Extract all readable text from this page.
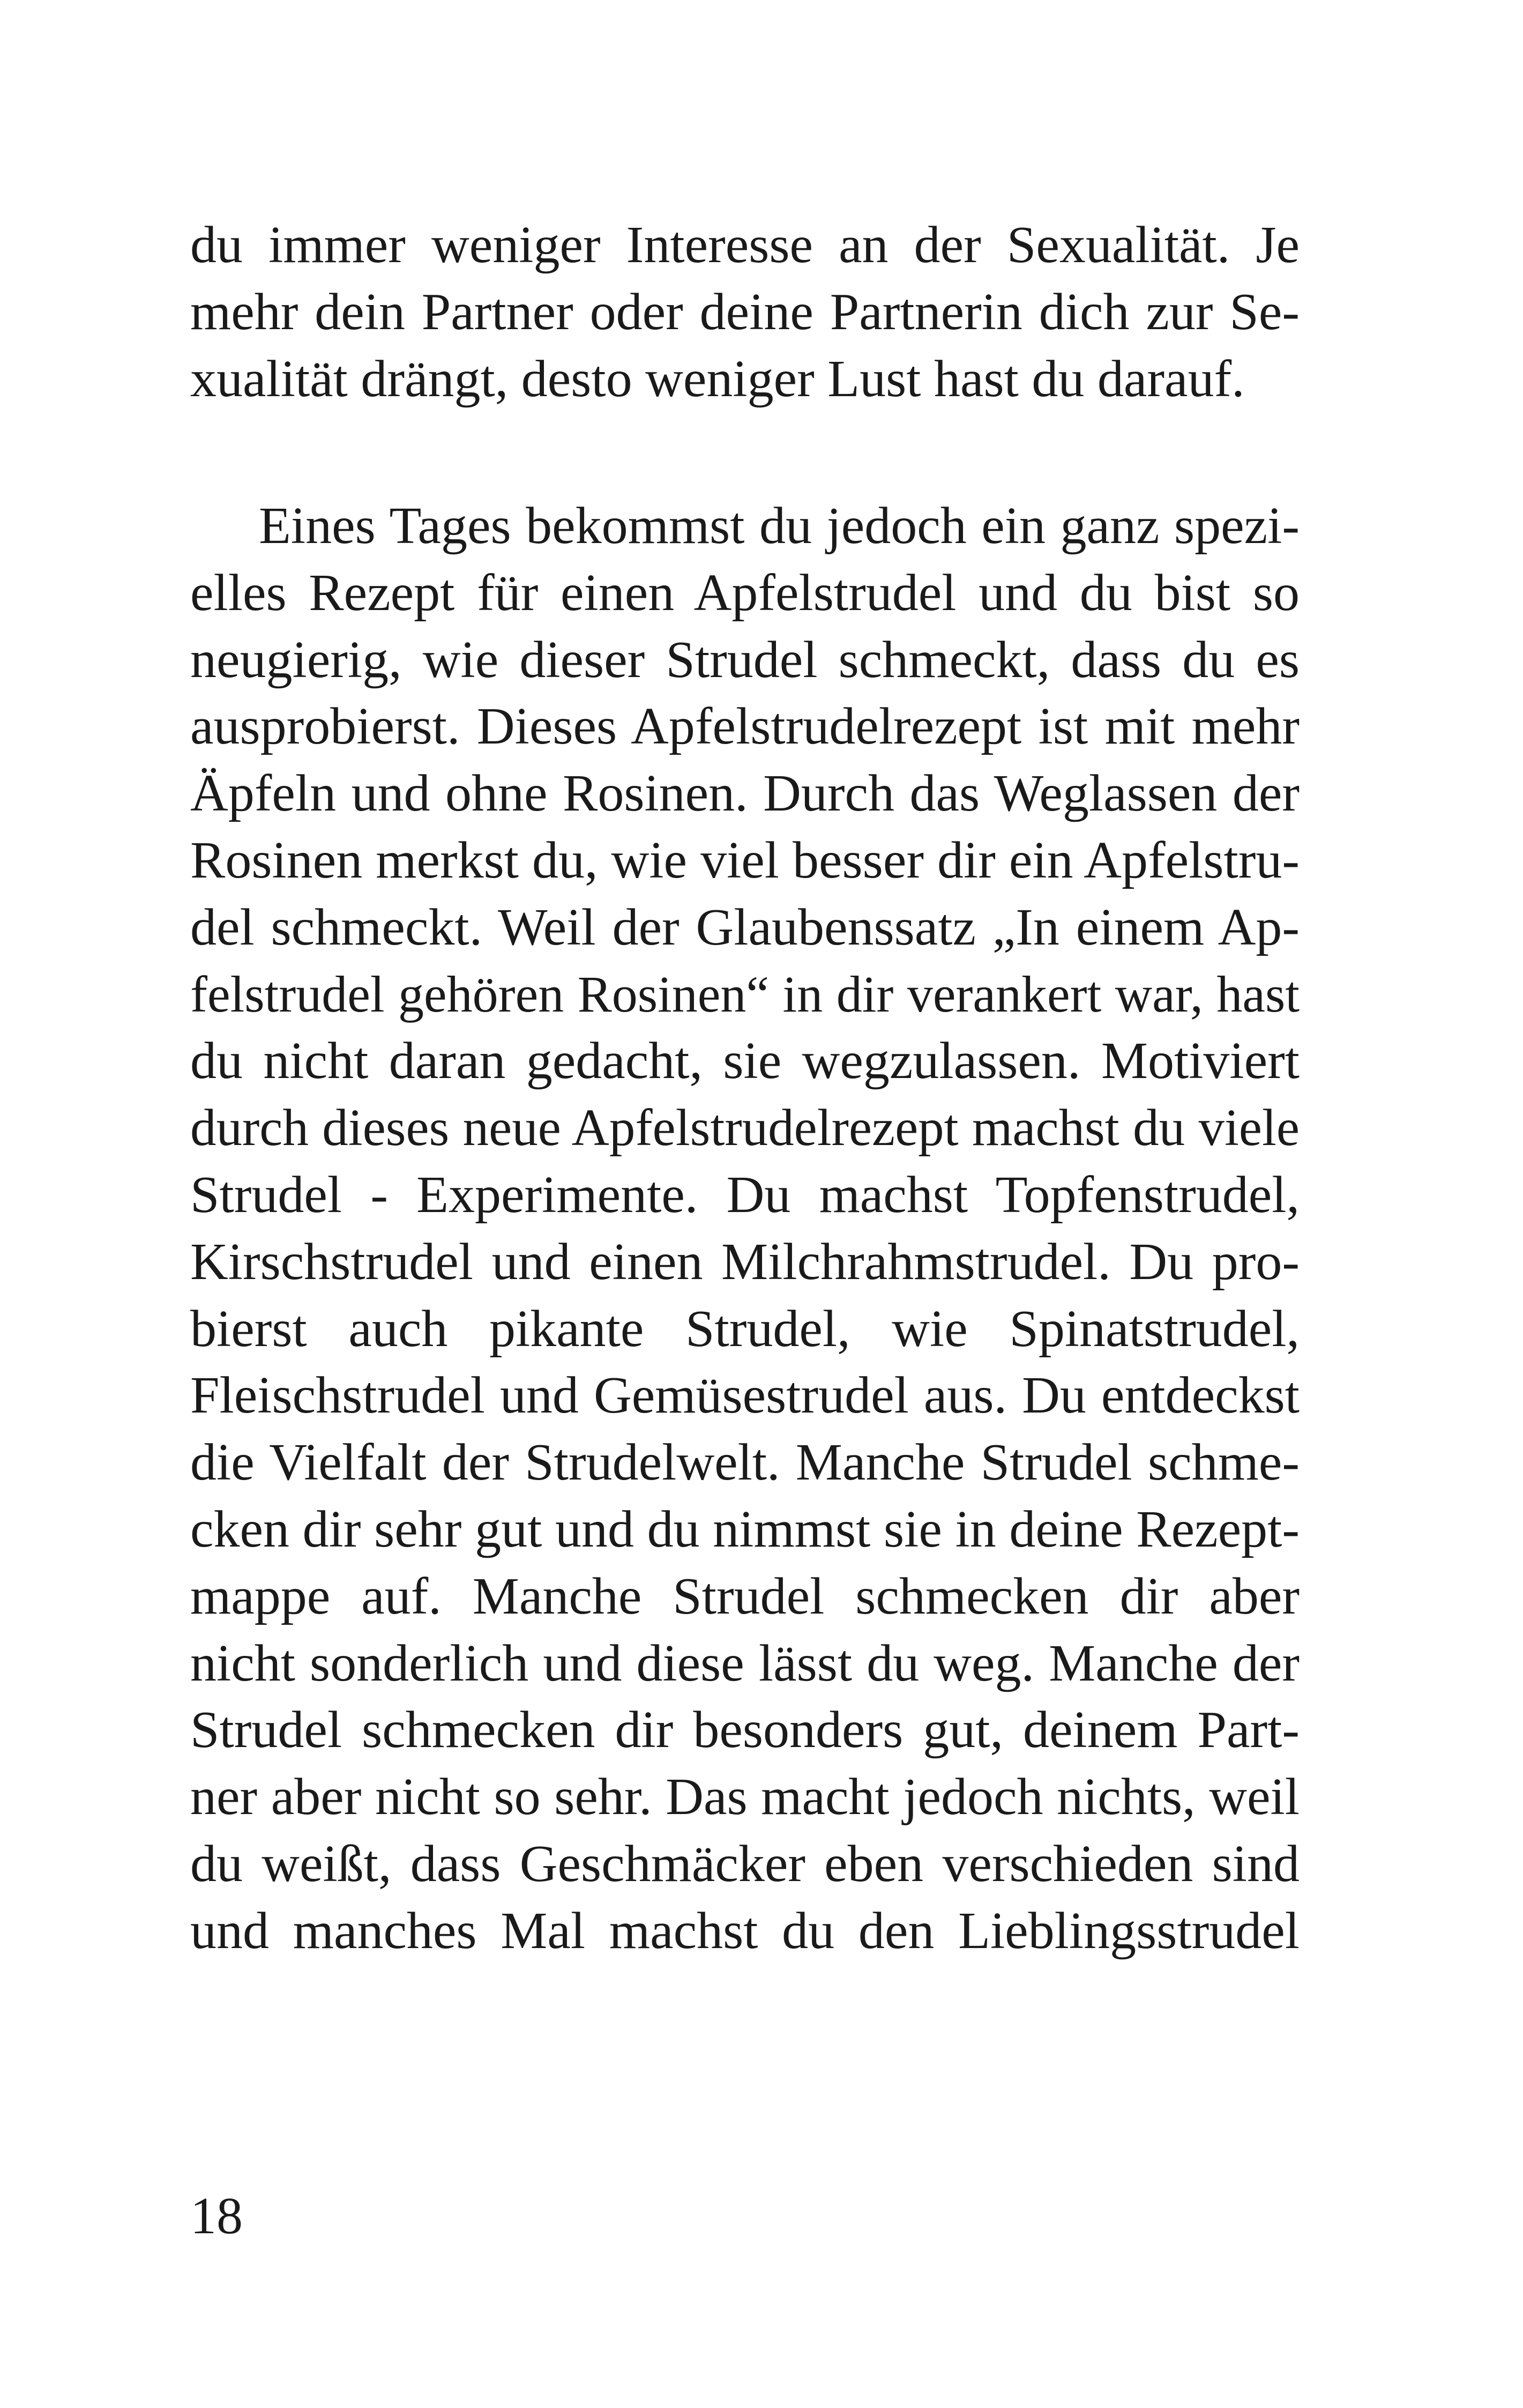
du immer weniger Interesse an der Sexualität. Je
mehr dein Partner oder deine Partnerin dich zur Se-
xualität drängt, desto weniger Lust hast du darauf.
Eines Tages bekommst du jedoch ein ganz spezi-
elles Rezept für einen Apfelstrudel und du bist so
neugierig, wie dieser Strudel schmeckt, dass du es
ausprobierst. Dieses Apfelstrudelrezept ist mit mehr
Äpfeln und ohne Rosinen. Durch das Weglassen der
Rosinen merkst du, wie viel besser dir ein Apfelstru-
del schmeckt. Weil der Glaubenssatz „In einem Ap-
felstrudel gehören Rosinen“ in dir verankert war, hast
du nicht daran gedacht, sie wegzulassen. Motiviert
durch dieses neue Apfelstrudelrezept machst du viele
Strudel - Experimente. Du machst Topfenstrudel,
Kirschstrudel und einen Milchrahmstrudel. Du pro-
bierst auch pikante Strudel, wie Spinatstrudel,
Fleischstrudel und Gemüsestrudel aus. Du entdeckst
die Vielfalt der Strudelwelt. Manche Strudel schme-
cken dir sehr gut und du nimmst sie in deine Rezept-
mappe auf. Manche Strudel schmecken dir aber
nicht sonderlich und diese lässt du weg. Manche der
Strudel schmecken dir besonders gut, deinem Part-
ner aber nicht so sehr. Das macht jedoch nichts, weil
du weißt, dass Geschmäcker eben verschieden sind
und manches Mal machst du den Lieblingsstrudel
18
